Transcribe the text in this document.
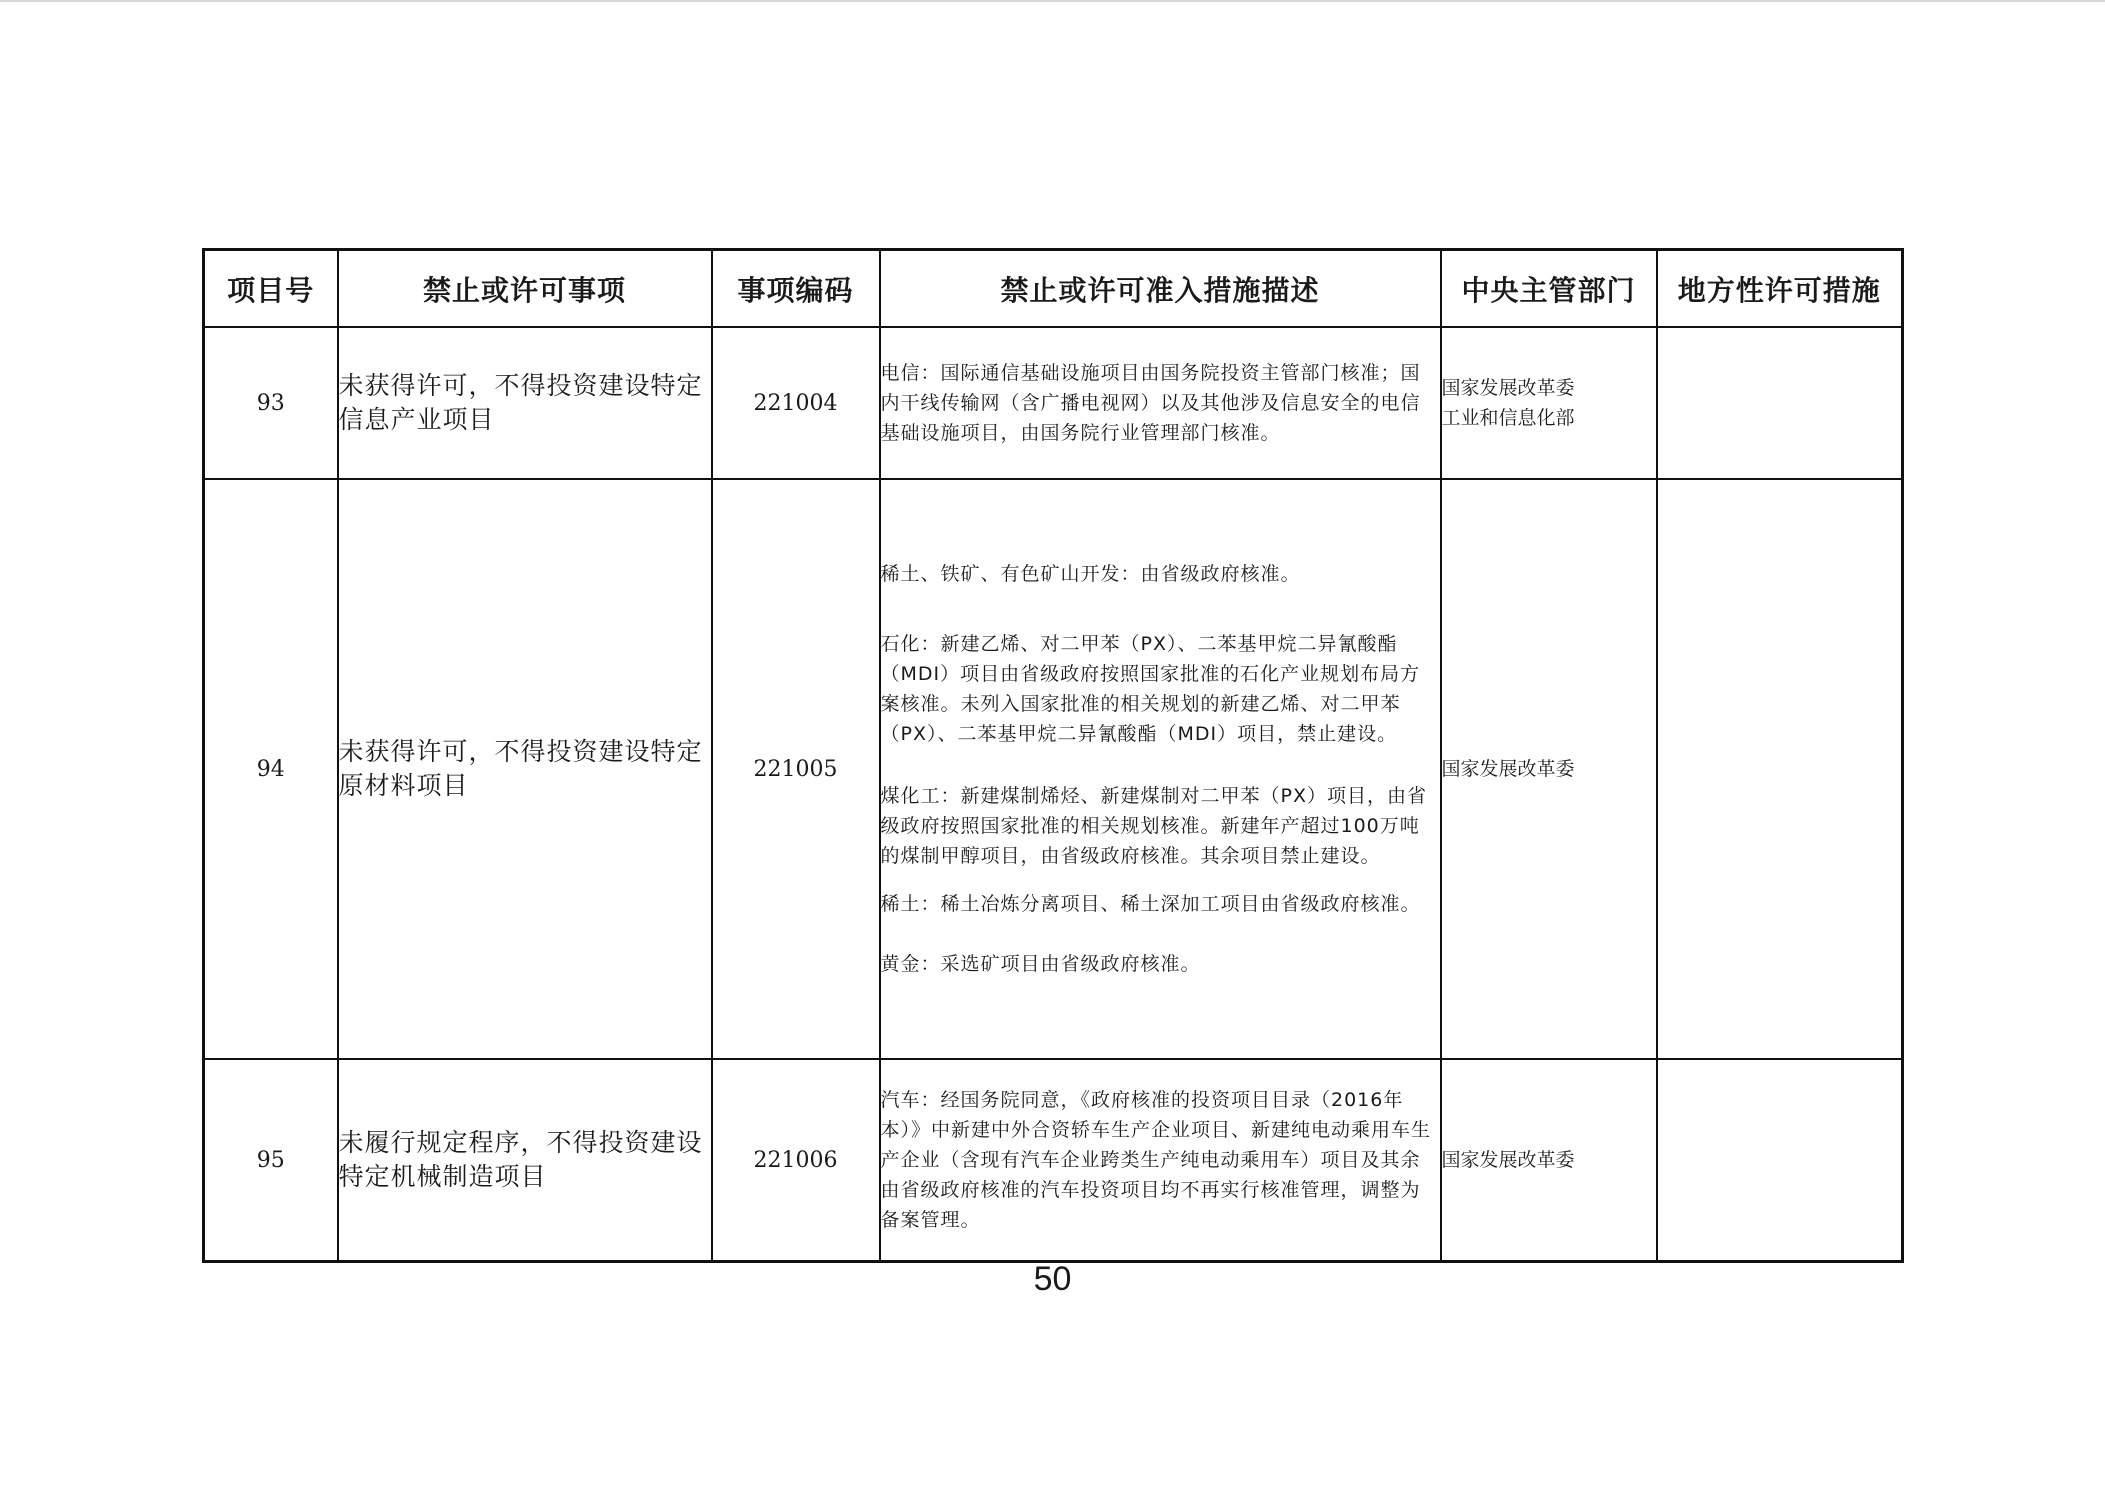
项目号	禁止或许可事项	事项编码	禁止或许可准入措施描述	中央主管部门	地方性许可措施
93	未获得许可，不得投资建设特定信息产业项目	221004	电信：国际通信基础设施项目由国务院投资主管部门核准；国内干线传输网（含广播电视网）以及其他涉及信息安全的电信基础设施项目，由国务院行业管理部门核准。	国家发展改革委
工业和信息化部	

94	未获得许可，不得投资建设特定原材料项目	221005	稀土、铁矿、有色矿山开发：由省级政府核准。

石化：新建乙烯、对二甲苯（PX）、二苯基甲烷二异氰酸酯（MDI）项目由省级政府按照国家批准的石化产业规划布局方案核准。未列入国家批准的相关规划的新建乙烯、对二甲苯（PX）、二苯基甲烷二异氰酸酯（MDI）项目，禁止建设。

煤化工：新建煤制烯烃、新建煤制对二甲苯（PX）项目，由省级政府按照国家批准的相关规划核准。新建年产超过100万吨的煤制甲醇项目，由省级政府核准。其余项目禁止建设。

稀土：稀土冶炼分离项目、稀土深加工项目由省级政府核准。

黄金：采选矿项目由省级政府核准。	国家发展改革委	

95	未履行规定程序，不得投资建设特定机械制造项目	221006	汽车：经国务院同意，《政府核准的投资项目目录（2016年本）》中新建中外合资轿车生产企业项目、新建纯电动乘用车生产企业（含现有汽车企业跨类生产纯电动乘用车）项目及其余由省级政府核准的汽车投资项目均不再实行核准管理，调整为备案管理。	国家发展改革委	

50
